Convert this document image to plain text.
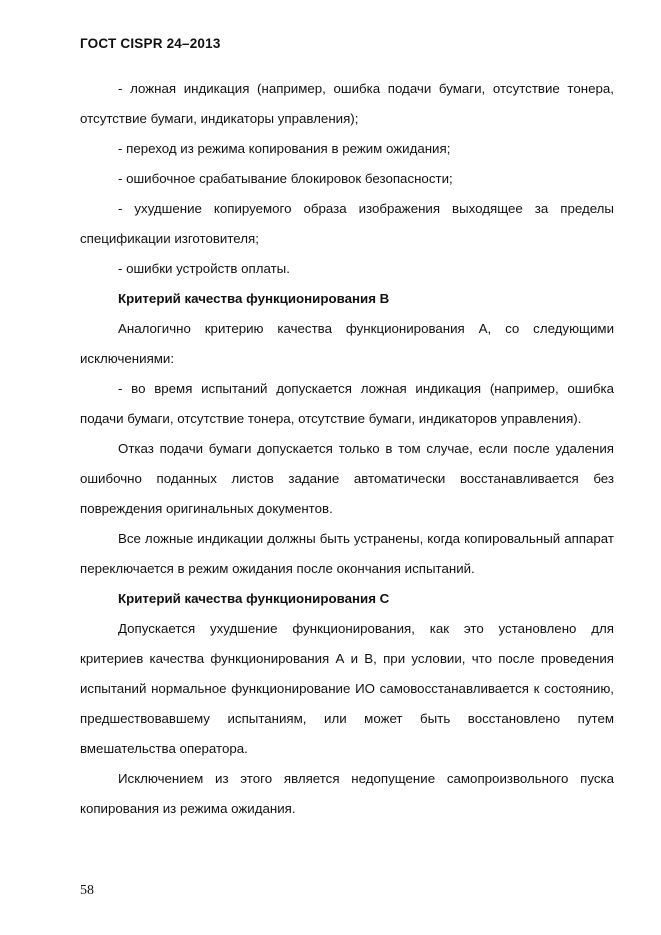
ГОСТ CISPR 24–2013

- ложная индикация (например, ошибка подачи бумаги, отсутствие тонера, отсутствие бумаги, индикаторы управления);

- переход из режима копирования в режим ожидания;

- ошибочное срабатывание блокировок безопасности;

- ухудшение копируемого образа изображения выходящее за пределы спецификации изготовителя;

- ошибки устройств оплаты.

Критерий качества функционирования В

Аналогично критерию качества функционирования А, со следующими исключениями:

- во время испытаний допускается ложная индикация (например, ошибка подачи бумаги, отсутствие тонера, отсутствие бумаги, индикаторов управления).

Отказ подачи бумаги допускается только в том случае, если после удаления ошибочно поданных листов задание автоматически восстанавливается без повреждения оригинальных документов.

Все ложные индикации должны быть устранены, когда копировальный аппарат переключается в режим ожидания после окончания испытаний.

Критерий качества функционирования С

Допускается ухудшение функционирования, как это установлено для критериев качества функционирования А и В, при условии, что после проведения испытаний нормальное функционирование ИО самовосстанавливается к состоянию, предшествовавшему испытаниям, или может быть восстановлено путем вмешательства оператора.

Исключением из этого является недопущение самопроизвольного пуска копирования из режима ожидания.

58
